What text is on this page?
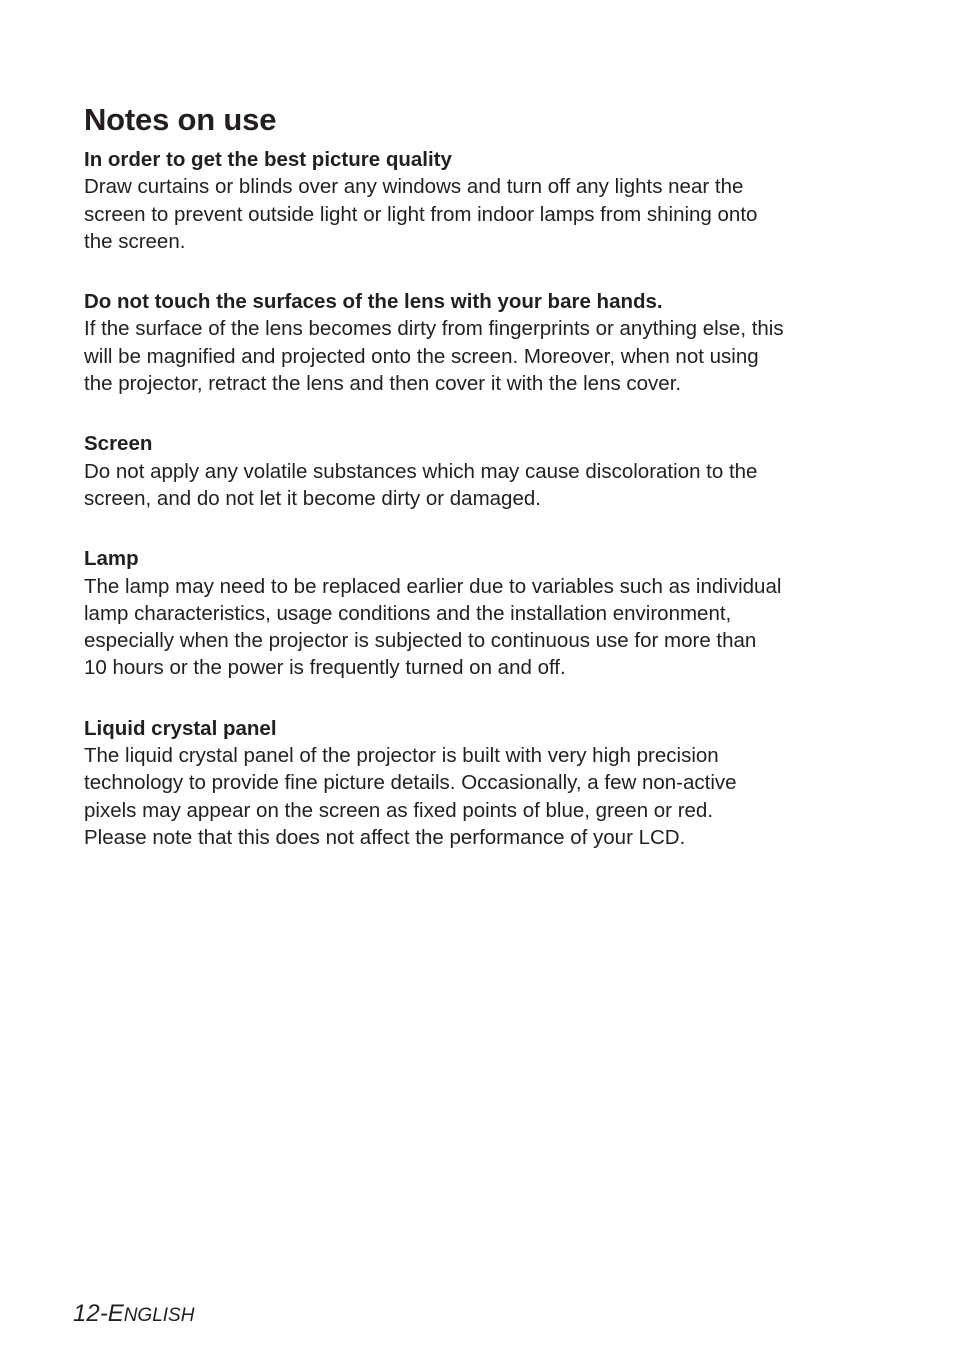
Notes on use

In order to get the best picture quality

Draw curtains or blinds over any windows and turn off any lights near the
screen to prevent outside light or light from indoor lamps from shining onto
the screen.

Do not touch the surfaces of the lens with your bare hands.

If the surface of the lens becomes dirty from fingerprints or anything else, this
will be magnified and projected onto the screen. Moreover, when not using
the projector, retract the lens and then cover it with the lens cover.

Screen

Do not apply any volatile substances which may cause discoloration to the
screen, and do not let it become dirty or damaged.

Lamp

The lamp may need to be replaced earlier due to variables such as individual
lamp characteristics, usage conditions and the installation environment,
especially when the projector is subjected to continuous use for more than
10 hours or the power is frequently turned on and off.

Liquid crystal panel

The liquid crystal panel of the projector is built with very high precision
technology to provide fine picture details. Occasionally, a few non-active
pixels may appear on the screen as fixed points of blue, green or red.
Please note that this does not affect the performance of your LCD.

12-ENGLISH
